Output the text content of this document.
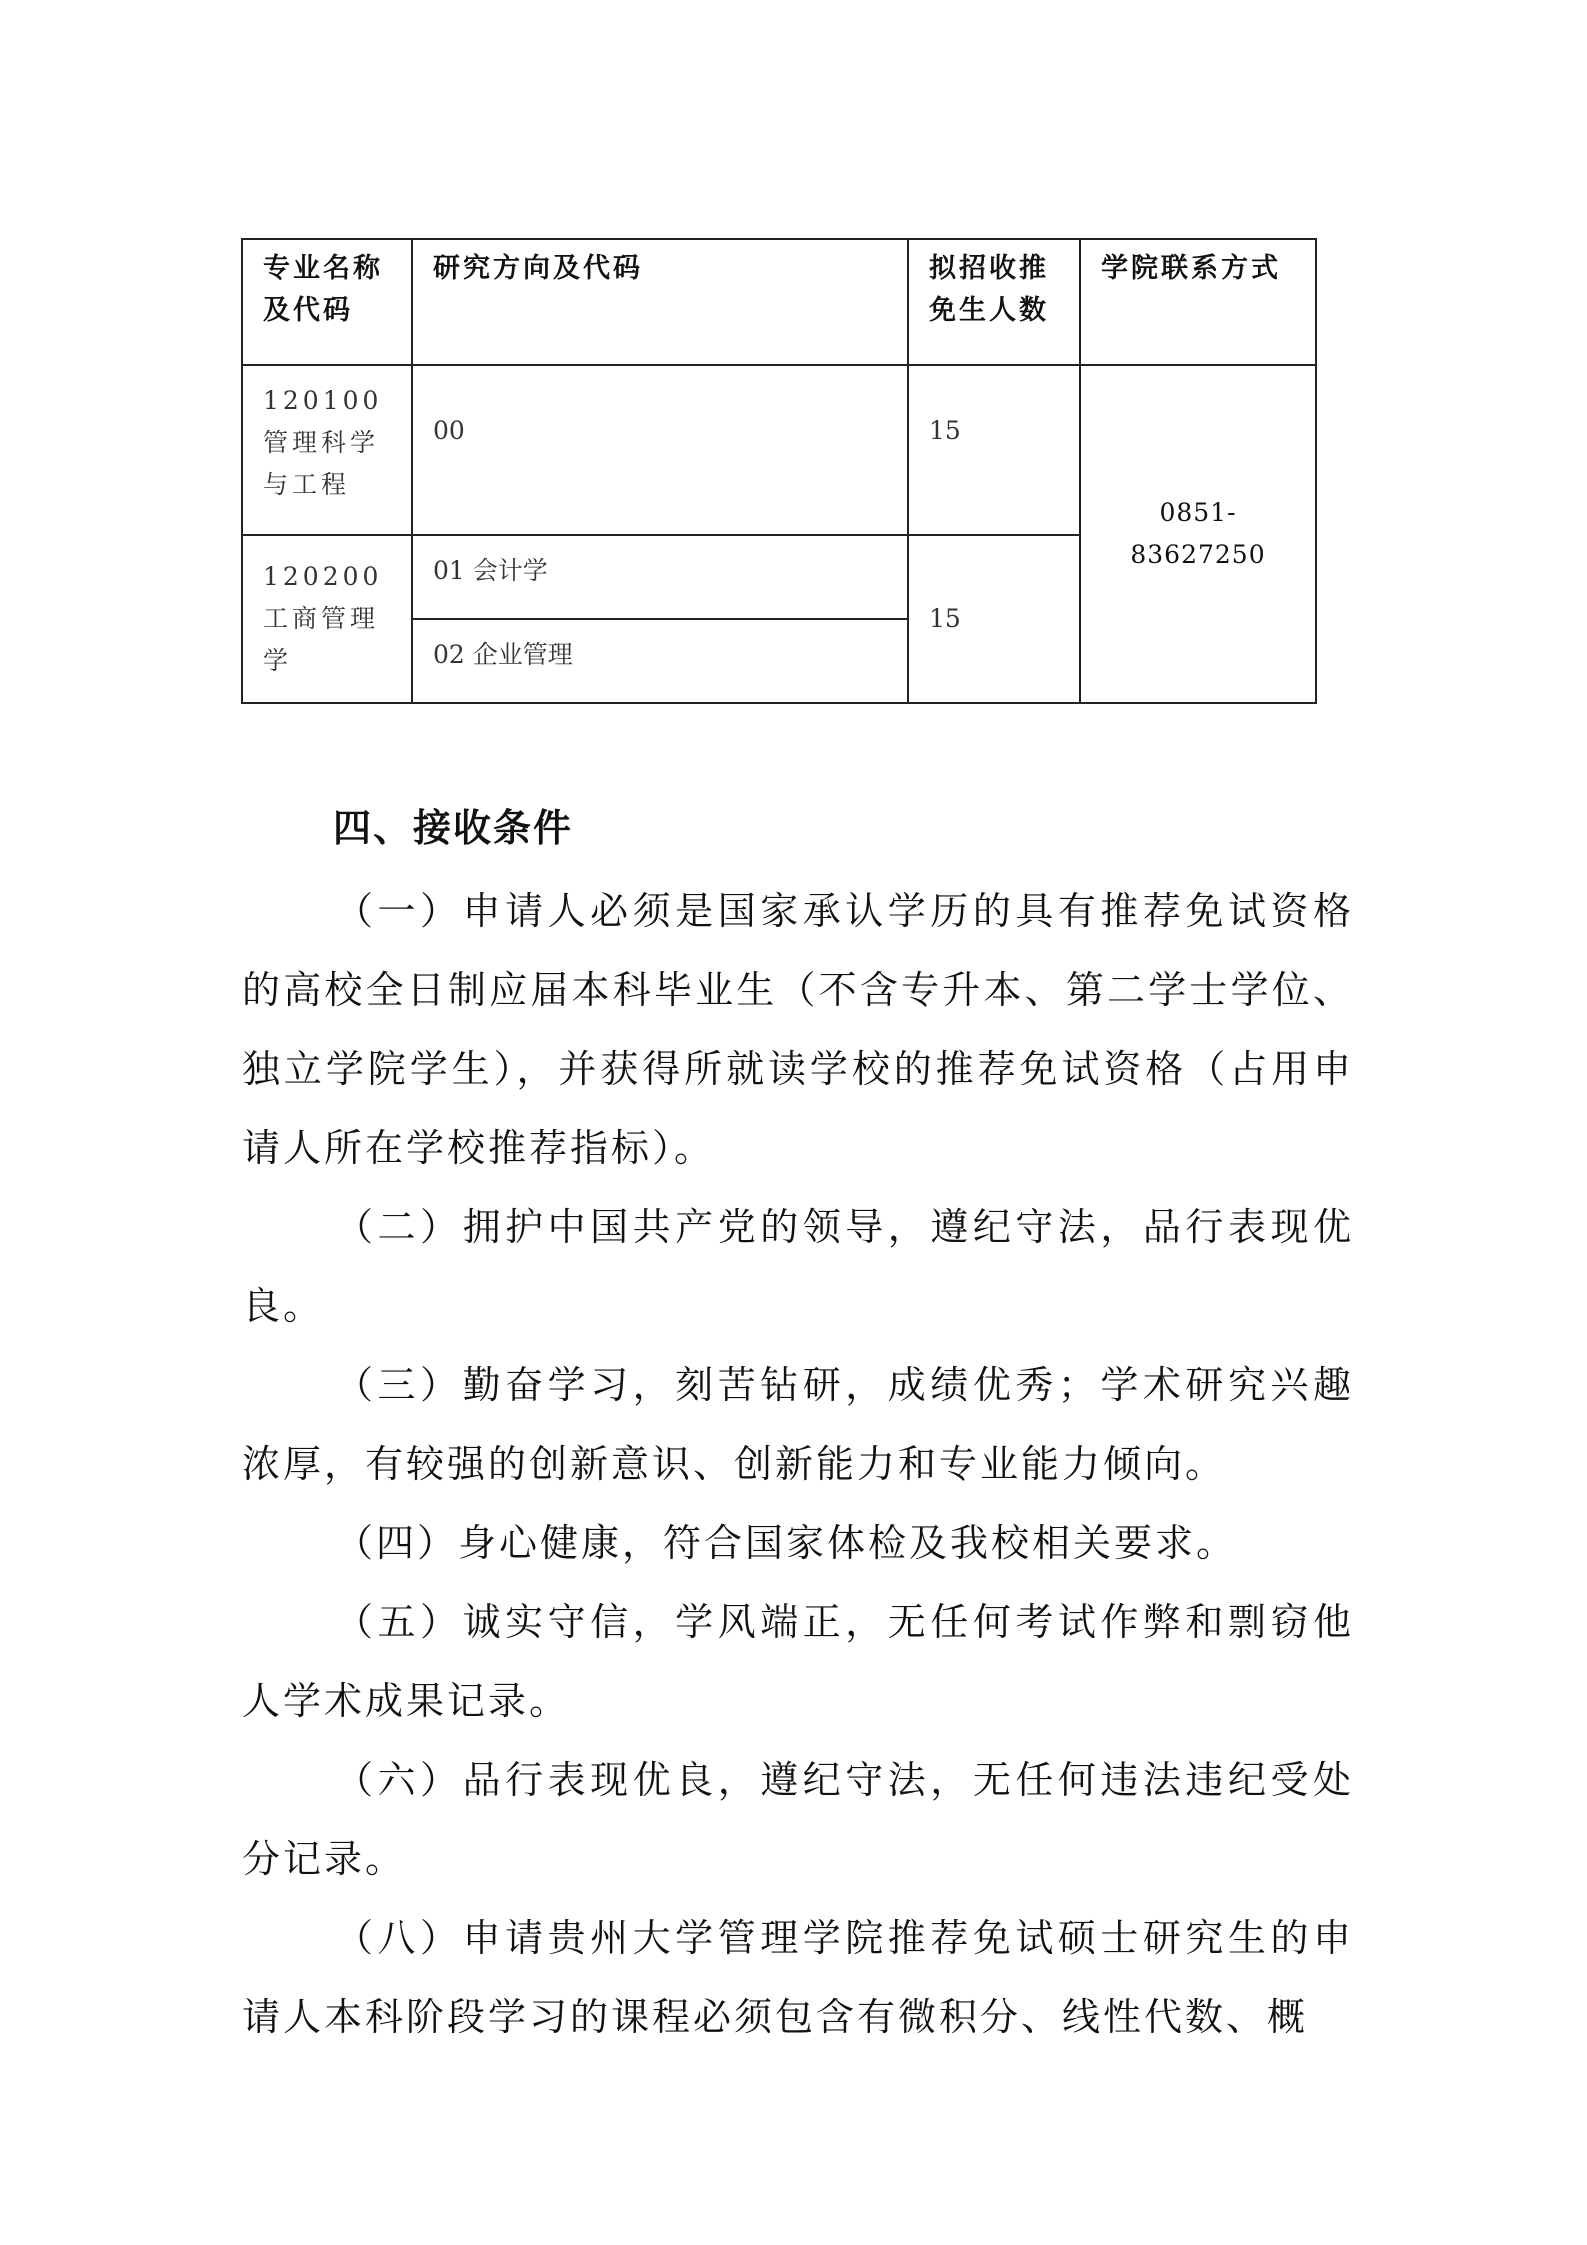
专业名称及代码	研究方向及代码	拟招收推免生人数	学院联系方式
120100 管理科学与工程	00	15	0851-83627250
120200 工商管理学	01 会计学	15	
	02 企业管理		
四、接收条件

（一）申请人必须是国家承认学历的具有推荐免试资格的高校全日制应届本科毕业生（不含专升本、第二学士学位、独立学院学生），并获得所就读学校的推荐免试资格（占用申请人所在学校推荐指标）。

（二）拥护中国共产党的领导，遵纪守法，品行表现优良。

（三）勤奋学习，刻苦钻研，成绩优秀；学术研究兴趣浓厚，有较强的创新意识、创新能力和专业能力倾向。

（四）身心健康，符合国家体检及我校相关要求。

（五）诚实守信，学风端正，无任何考试作弊和剽窃他人学术成果记录。

（六）品行表现优良，遵纪守法，无任何违法违纪受处分记录。

（八）申请贵州大学管理学院推荐免试硕士研究生的申请人本科阶段学习的课程必须包含有微积分、线性代数、概
